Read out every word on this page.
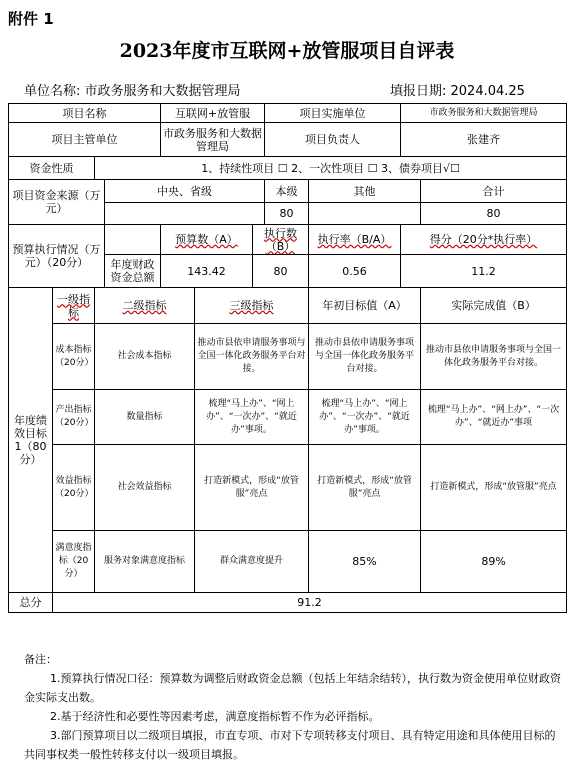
附件 1
2023年度市互联网+放管服项目自评表
单位名称: 市政务服务和大数据管理局	填报日期: 2024.04.25
项目名称				互联网+放管服			项目实施单位		市政务服务和大数据管理局		
项目主管单位				市政务服务和大数据管理局			项目负责人		张建齐		
资金性质		1、持续性项目 ☐ 2、一次性项目 ☐ 3、债券项目√☐									
项目资金来源（万元）			中央、省级				本级	其他		合计	
							80			80	
预算执行情况（万元）（20分）				预算数（A）		执行数（B）		执行率（B/A）	得分（20分*执行率）		
			年度财政资金总额	143.42		80		0.56	11.2		
年度绩效目标1（80分）	一级指标	二级指标			三级指标			年初目标值（A）		实际完成值（B）	
	成本指标（20分）	社会成本指标			推动市县依申请服务事项与全国一体化政务服务平台对接。			推动市县依申请服务事项与全国一体化政务服务平台对接。		推动市县依申请服务事项与全国一体化政务服务平台对接。	
	产出指标（20分）	数量指标			梳理“马上办”、“网上办”、“一次办”、“就近办”事项。			梳理“马上办”、“网上办”、“一次办”、“就近办”事项。		梳理“马上办”、“网上办”、“一次办”、“就近办”事项	
	效益指标（20分）	社会效益指标			打造新模式，形成“放管服”亮点			打造新模式，形成“放管服”亮点		打造新模式，形成“放管服”亮点	
	满意度指标（20分）	服务对象满意度指标			群众满意度提升			85%		89%	
总分	91.2										

备注：

1.预算执行情况口径：预算数为调整后财政资金总额（包括上年结余结转），执行数为资金使用单位财政资金实际支出数。

2.基于经济性和必要性等因素考虑，满意度指标暂不作为必评指标。

3.部门预算项目以二级项目填报，市直专项、市对下专项转移支付项目、具有特定用途和具体使用目标的共同事权类一般性转移支付以一级项目填报。
